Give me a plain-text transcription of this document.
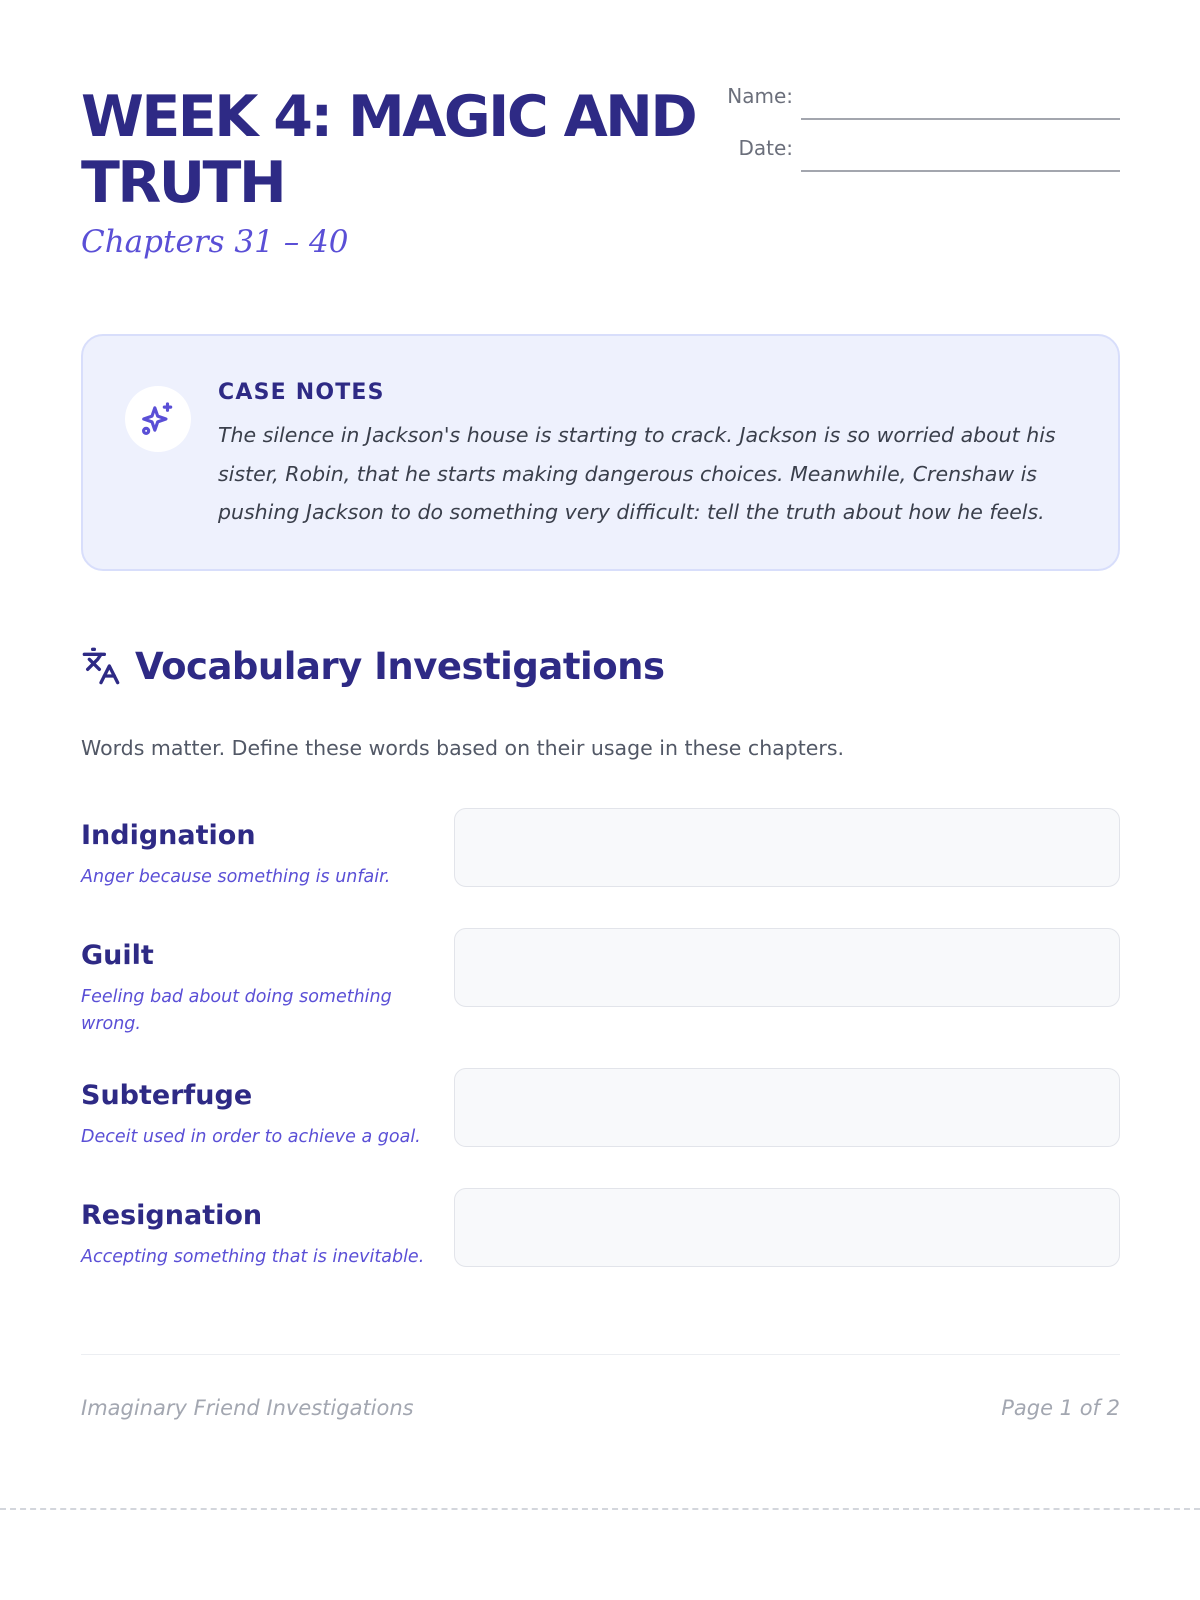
WEEK 4: MAGIC AND TRUTH
Chapters 31 – 40
Name:
Date:
CASE NOTES

The silence in Jackson's house is starting to crack. Jackson is so worried about his sister, Robin, that he starts making dangerous choices. Meanwhile, Crenshaw is pushing Jackson to do something very difficult: tell the truth about how he feels.

Vocabulary Investigations
Words matter. Define these words based on their usage in these chapters.
Indignation
Anger because something is unfair.
Guilt
Feeling bad about doing something wrong.
Subterfuge
Deceit used in order to achieve a goal.
Resignation
Accepting something that is inevitable.
Imaginary Friend Investigations	Page 1 of 2
